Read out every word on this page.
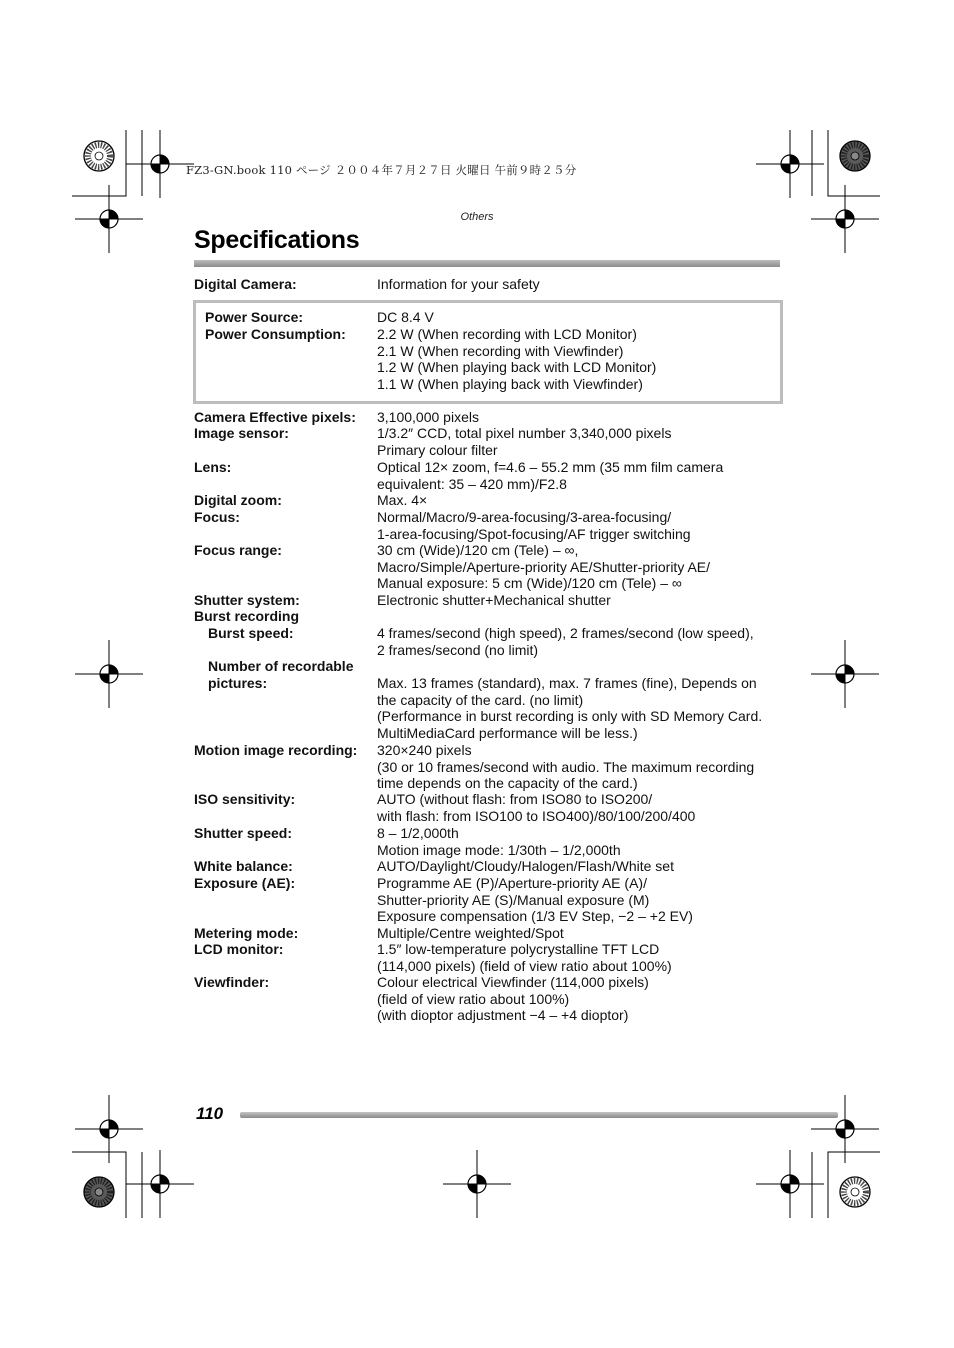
FZ3-GN.book 110 ページ ２００４年７月２７日 火曜日 午前９時２５分
Others
Specifications
Digital Camera:	Information for your safety
Power Source:	DC 8.4 V
Power Consumption:	2.2 W (When recording with LCD Monitor)
2.1 W (When recording with Viewfinder)
1.2 W (When playing back with LCD Monitor)
1.1 W (When playing back with Viewfinder)
Camera Effective pixels:	3,100,000 pixels
Image sensor:	1/3.2″ CCD, total pixel number 3,340,000 pixels
Primary colour filter
Lens:	Optical 12× zoom, f=4.6 – 55.2 mm (35 mm film camera
equivalent: 35 – 420 mm)/F2.8
Digital zoom:	Max. 4×
Focus:	Normal/Macro/9-area-focusing/3-area-focusing/
1-area-focusing/Spot-focusing/AF trigger switching
Focus range:	30 cm (Wide)/120 cm (Tele) – ∞,
Macro/Simple/Aperture-priority AE/Shutter-priority AE/
Manual exposure: 5 cm (Wide)/120 cm (Tele) – ∞
Shutter system:	Electronic shutter+Mechanical shutter
Burst recording
Burst speed:	4 frames/second (high speed), 2 frames/second (low speed),
2 frames/second (no limit)
Number of recordable
pictures:	Max. 13 frames (standard), max. 7 frames (fine), Depends on
the capacity of the card. (no limit)
(Performance in burst recording is only with SD Memory Card.
MultiMediaCard performance will be less.)
Motion image recording:	320×240 pixels
(30 or 10 frames/second with audio. The maximum recording
time depends on the capacity of the card.)
ISO sensitivity:	AUTO (without flash: from ISO80 to ISO200/
with flash: from ISO100 to ISO400)/80/100/200/400
Shutter speed:	8 – 1/2,000th
Motion image mode: 1/30th – 1/2,000th
White balance:	AUTO/Daylight/Cloudy/Halogen/Flash/White set
Exposure (AE):	Programme AE (P)/Aperture-priority AE (A)/
Shutter-priority AE (S)/Manual exposure (M)
Exposure compensation (1/3 EV Step, −2 – +2 EV)
Metering mode:	Multiple/Centre weighted/Spot
LCD monitor:	1.5″ low-temperature polycrystalline TFT LCD
(114,000 pixels) (field of view ratio about 100%)
Viewfinder:	Colour electrical Viewfinder (114,000 pixels)
(field of view ratio about 100%)
(with dioptor adjustment −4 – +4 dioptor)
110
